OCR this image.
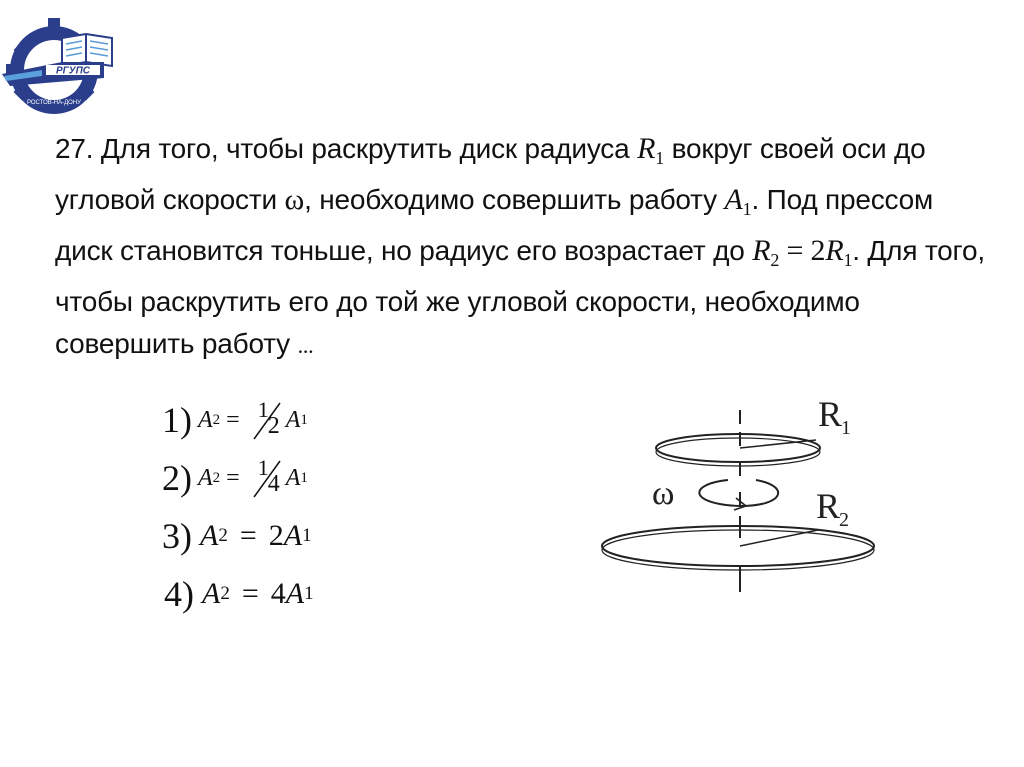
РГУПС
РОСТОВ-НА-ДОНУ
27. Для того, чтобы раскрутить диск радиуса $R_1$ вокруг своей оси до угловой скорости ω, необходимо совершить работу $A_1$. Под прессом диск становится тоньше, но радиус его возрастает до $R_2 = 2R_1$. Для того, чтобы раскрутить его до той же угловой скорости, необходимо совершить работу ...
1) A 2 = 1
2 A 1
2) A 2 = 1
4 A 1
3) A 2 = 2 A 1
4) A 2 = 4 A 1
R
1
R
2
ω
